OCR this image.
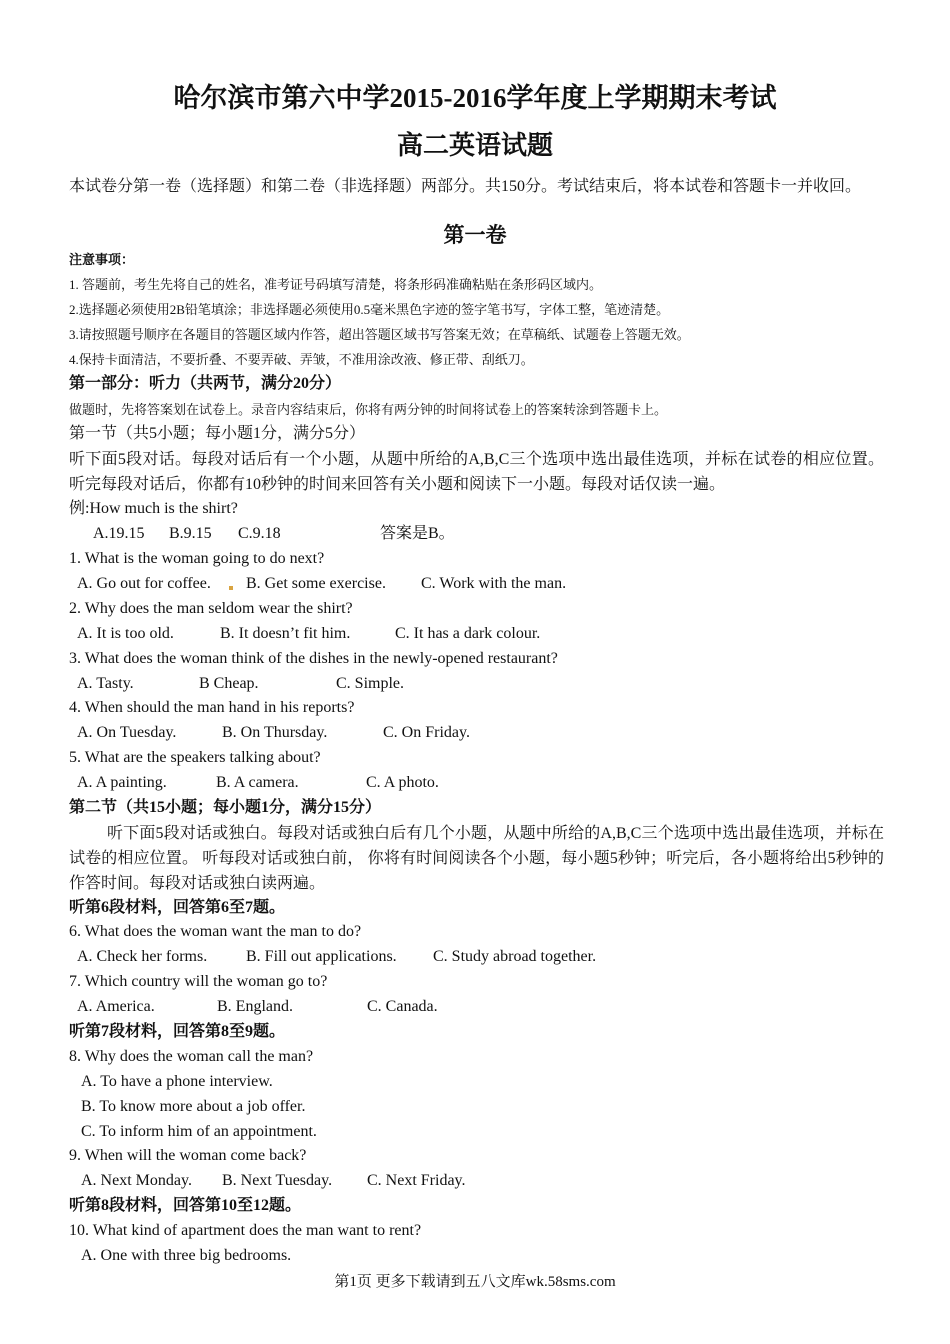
哈尔滨市第六中学2015-2016学年度上学期期末考试
高二英语试题
本试卷分第一卷（选择题）和第二卷（非选择题）两部分。共150分。考试结束后，将本试卷和答题卡一并收回。
第一卷
注意事项：
1. 答题前，考生先将自己的姓名，准考证号码填写清楚，将条形码准确粘贴在条形码区域内。
2.选择题必须使用2B铅笔填涂；非选择题必须使用0.5毫米黑色字迹的签字笔书写，字体工整，笔迹清楚。
3.请按照题号顺序在各题目的答题区域内作答，超出答题区域书写答案无效；在草稿纸、试题卷上答题无效。
4.保持卡面清洁，不要折叠、不要弄破、弄皱，不准用涂改液、修正带、刮纸刀。
第一部分：听力（共两节，满分20分）
做题时，先将答案划在试卷上。录音内容结束后，你将有两分钟的时间将试卷上的答案转涂到答题卡上。
第一节（共5小题；每小题1分，满分5分）
听下面5段对话。每段对话后有一个小题，从题中所给的A,B,C三个选项中选出最佳选项，并标在试卷的相应位置。听完每段对话后，你都有10秒钟的时间来回答有关小题和阅读下一小题。每段对话仅读一遍。
例:How much is the shirt?
A.19.15 B.9.15 C.9.18	答案是B。
1. What is the woman going to do next?
A. Go out for coffee. B. Get some exercise. C. Work with the man.
2. Why does the man seldom wear the shirt?
A. It is too old.	B. It doesn’t fit him.	C. It has a dark colour.
3. What does the woman think of the dishes in the newly-opened restaurant?
A. Tasty.	B Cheap.	C. Simple.
4. When should the man hand in his reports?
A. On Tuesday.	B. On Thursday.	C. On Friday.
5. What are the speakers talking about?
A. A painting.	B. A camera.	C. A photo.
第二节（共15小题；每小题1分，满分15分）
听下面5段对话或独白。每段对话或独白后有几个小题，从题中所给的A,B,C三个选项中选出最佳选项，并标在试卷的相应位置。 听每段对话或独白前， 你将有时间阅读各个小题，每小题5秒钟；听完后，各小题将给出5秒钟的作答时间。每段对话或独白读两遍。
听第6段材料，回答第6至7题。
6. What does the woman want the man to do?
A. Check her forms. B. Fill out applications. C. Study abroad together.
7. Which country will the woman go to?
A. America.	B. England.	C. Canada.
听第7段材料，回答第8至9题。
8. Why does the woman call the man?
A. To have a phone interview.
B. To know more about a job offer.
C. To inform him of an appointment.
9. When will the woman come back?
A. Next Monday. B. Next Tuesday. C. Next Friday.
听第8段材料，回答第10至12题。
10. What kind of apartment does the man want to rent?
A. One with three big bedrooms.
第1页 更多下载请到五八文库wk.58sms.com
